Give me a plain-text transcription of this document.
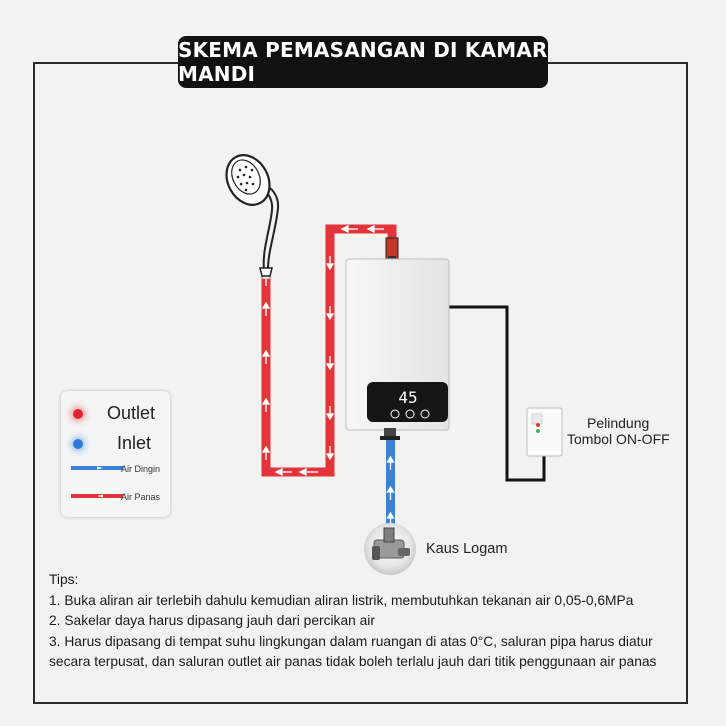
45
SKEMA PEMASANGAN DI KAMAR MANDI
Outlet
Inlet
Air Dingin
Air Panas
Pelindung
Tombol ON-OFF
Kaus Logam
Tips:
1. Buka aliran air terlebih dahulu kemudian aliran listrik, membutuhkan tekanan air 0,05-0,6MPa
2. Sakelar daya harus dipasang jauh dari percikan air
3. Harus dipasang di tempat suhu lingkungan dalam ruangan di atas 0°C, saluran pipa harus diatur secara terpusat, dan saluran outlet air panas tidak boleh terlalu jauh dari titik penggunaan air panas
